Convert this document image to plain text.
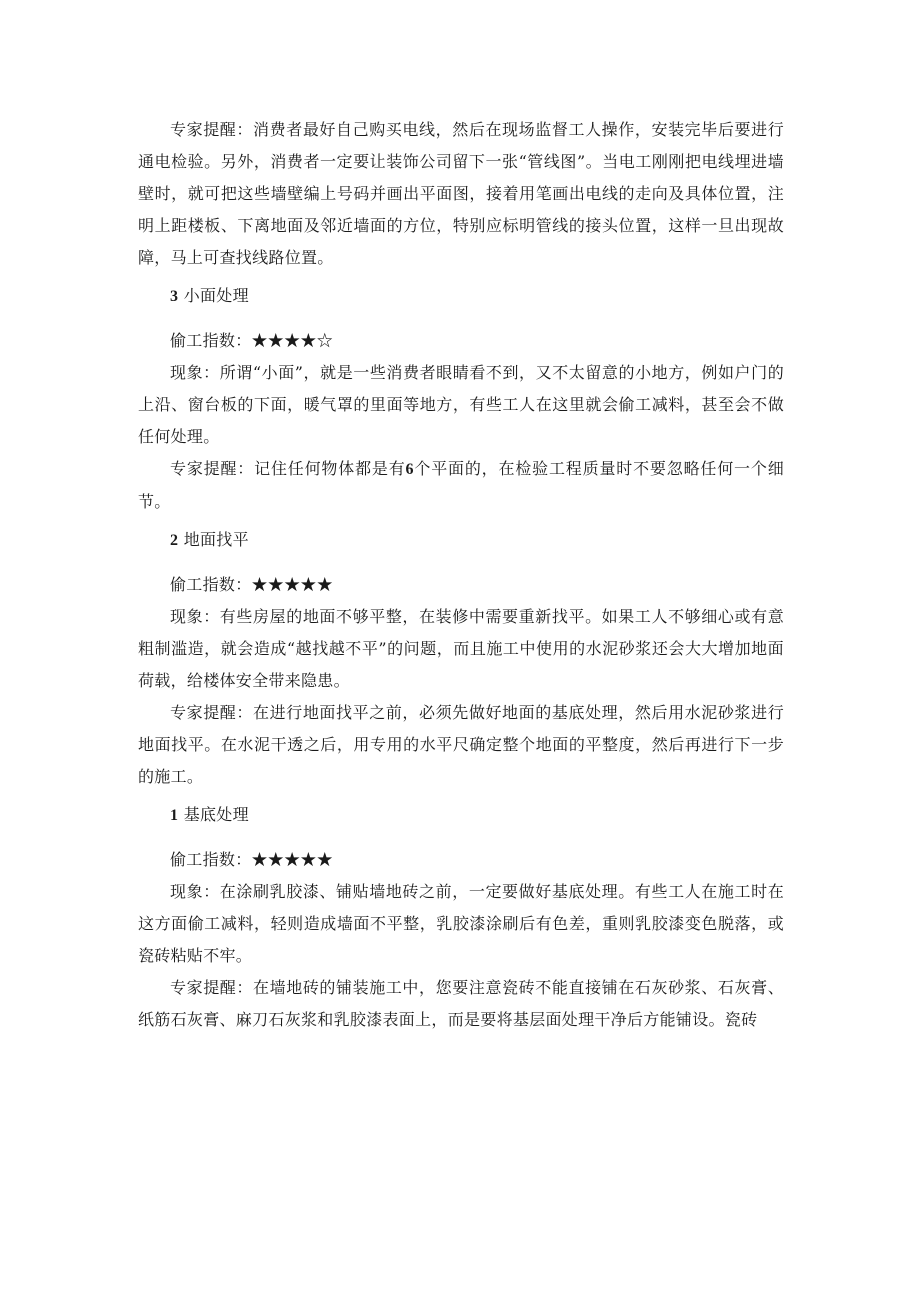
专家提醒：消费者最好自己购买电线，然后在现场监督工人操作，安装完毕后要进行通电检验。另外，消费者一定要让装饰公司留下一张“管线图”。当电工刚刚把电线埋进墙壁时，就可把这些墙壁编上号码并画出平面图，接着用笔画出电线的走向及具体位置，注明上距楼板、下离地面及邻近墙面的方位，特别应标明管线的接头位置，这样一旦出现故障，马上可查找线路位置。

3 小面处理

偷工指数：★★★★☆

现象：所谓“小面”，就是一些消费者眼睛看不到，又不太留意的小地方，例如户门的上沿、窗台板的下面，暖气罩的里面等地方，有些工人在这里就会偷工减料，甚至会不做任何处理。

专家提醒：记住任何物体都是有6个平面的，在检验工程质量时不要忽略任何一个细节。

2 地面找平

偷工指数：★★★★★

现象：有些房屋的地面不够平整，在装修中需要重新找平。如果工人不够细心或有意粗制滥造，就会造成“越找越不平”的问题，而且施工中使用的水泥砂浆还会大大增加地面荷载，给楼体安全带来隐患。

专家提醒：在进行地面找平之前，必须先做好地面的基底处理，然后用水泥砂浆进行地面找平。在水泥干透之后，用专用的水平尺确定整个地面的平整度，然后再进行下一步的施工。

1 基底处理

偷工指数：★★★★★

现象：在涂刷乳胶漆、铺贴墙地砖之前，一定要做好基底处理。有些工人在施工时在这方面偷工减料，轻则造成墙面不平整，乳胶漆涂刷后有色差，重则乳胶漆变色脱落，或瓷砖粘贴不牢。

专家提醒：在墙地砖的铺装施工中，您要注意瓷砖不能直接铺在石灰砂浆、石灰膏、纸筋石灰膏、麻刀石灰浆和乳胶漆表面上，而是要将基层面处理干净后方能铺设。瓷砖
